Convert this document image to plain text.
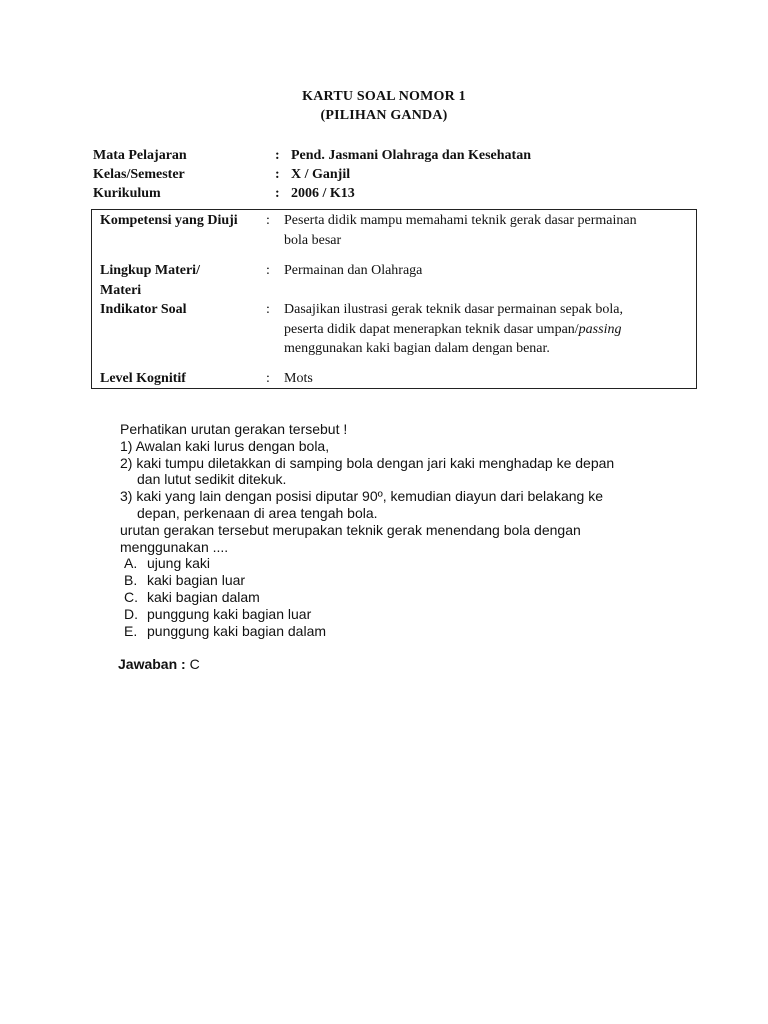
KARTU SOAL NOMOR 1
(PILIHAN GANDA)
Mata Pelajaran	: Pend. Jasmani Olahraga dan Kesehatan
Kelas/Semester	: X / Ganjil
Kurikulum	: 2006 / K13
Kompetensi yang Diuji	: Peserta didik mampu memahami teknik gerak dasar permainan
bola besar
Lingkup Materi/
Materi
: Permainan dan Olahraga
Indikator Soal	: Dasajikan ilustrasi gerak teknik dasar permainan sepak bola,
peserta didik dapat menerapkan teknik dasar umpan/passing
menggunakan kaki bagian dalam dengan benar.
Level Kognitif	: Mots
Perhatikan urutan gerakan tersebut !
1) Awalan kaki lurus dengan bola,
2) kaki tumpu diletakkan di samping bola dengan jari kaki menghadap ke depan
dan lutut sedikit ditekuk.
3) kaki yang lain dengan posisi diputar 90º, kemudian diayun dari belakang ke
depan, perkenaan di area tengah bola.
urutan gerakan tersebut merupakan teknik gerak menendang bola dengan
menggunakan ....
A. ujung kaki
B. kaki bagian luar
C. kaki bagian dalam
D. punggung kaki bagian luar
E. punggung kaki bagian dalam
Jawaban : C
